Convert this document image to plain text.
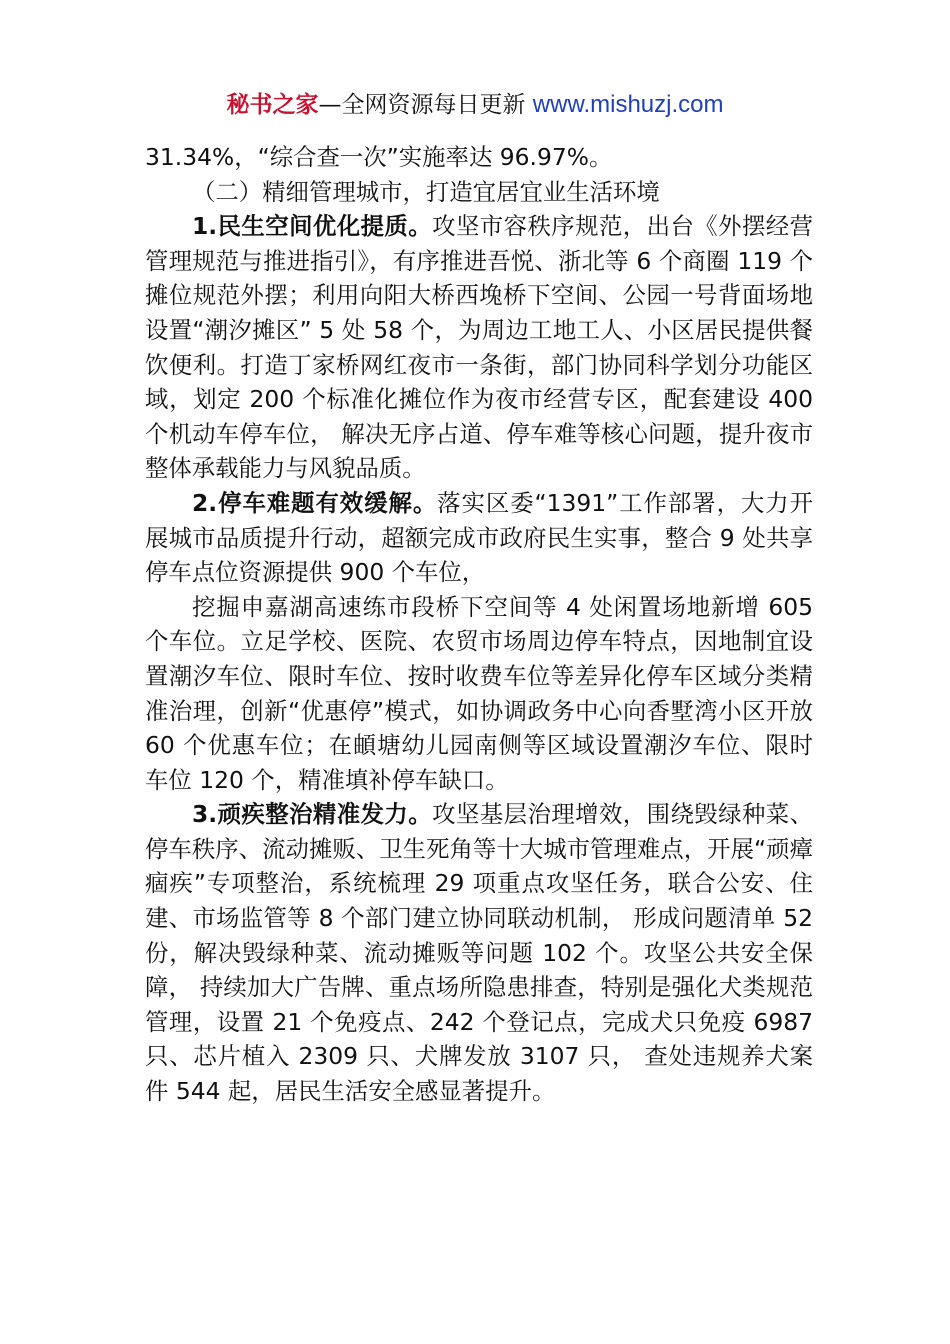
秘书之家—全网资源每日更新 www.mishuzj.com

31.34%，“综合查一次”实施率达 96.97%。

（二）精细管理城市，打造宜居宜业生活环境

1.民生空间优化提质。攻坚市容秩序规范，出台《外摆经营管理规范与推进指引》，有序推进吾悦、浙北等 6 个商圈 119 个摊位规范外摆；利用向阳大桥西堍桥下空间、公园一号背面场地设置“潮汐摊区” 5 处 58 个，为周边工地工人、小区居民提供餐饮便利。打造丁家桥网红夜市一条街，部门协同科学划分功能区域，划定 200 个标准化摊位作为夜市经营专区，配套建设 400 个机动车停车位， 解决无序占道、停车难等核心问题，提升夜市整体承载能力与风貌品质。

2.停车难题有效缓解。落实区委“1391”工作部署，大力开展城市品质提升行动，超额完成市政府民生实事，整合 9 处共享停车点位资源提供 900 个车位，

挖掘申嘉湖高速练市段桥下空间等 4 处闲置场地新增 605 个车位。立足学校、医院、农贸市场周边停车特点，因地制宜设置潮汐车位、限时车位、按时收费车位等差异化停车区域分类精准治理，创新“优惠停”模式，如协调政务中心向香墅湾小区开放 60 个优惠车位；在頔塘幼儿园南侧等区域设置潮汐车位、限时车位 120 个，精准填补停车缺口。

3.顽疾整治精准发力。攻坚基层治理增效，围绕毁绿种菜、停车秩序、流动摊贩、卫生死角等十大城市管理难点，开展“顽瘴痼疾”专项整治，系统梳理 29 项重点攻坚任务，联合公安、住建、市场监管等 8 个部门建立协同联动机制， 形成问题清单 52 份，解决毁绿种菜、流动摊贩等问题 102 个。攻坚公共安全保障， 持续加大广告牌、重点场所隐患排查，特别是强化犬类规范管理，设置 21 个免疫点、242 个登记点，完成犬只免疫 6987 只、芯片植入 2309 只、犬牌发放 3107 只， 查处违规养犬案件 544 起，居民生活安全感显著提升。
